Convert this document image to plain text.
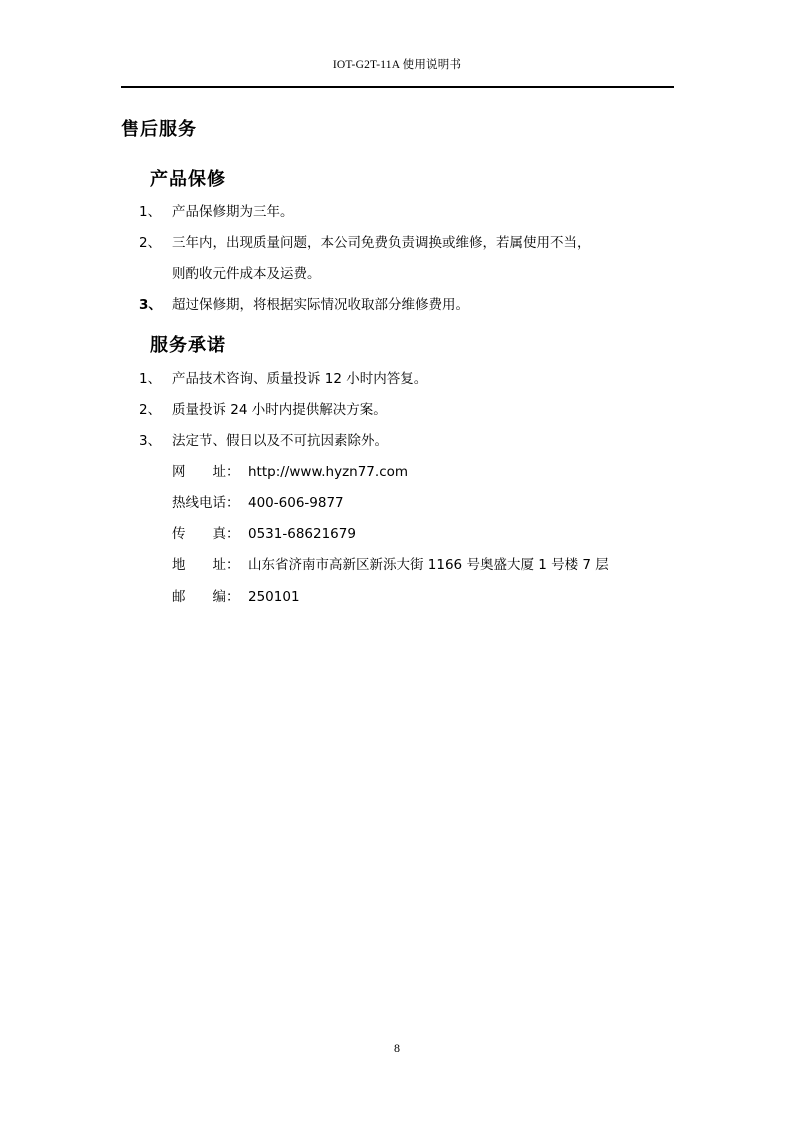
IOT-G2T-11A 使用说明书
售后服务
产品保修
1、 产品保修期为三年。
2、 三年内，出现质量问题，本公司免费负责调换或维修，若属使用不当，
则酌收元件成本及运费。
3、 超过保修期，将根据实际情况收取部分维修费用。
服务承诺
1、 产品技术咨询、质量投诉 12 小时内答复。
2、 质量投诉 24 小时内提供解决方案。
3、 法定节、假日以及不可抗因素除外。
网　　址： http://www.hyzn77.com
热线电话： 400-606-9877
传　　真： 0531-68621679
地　　址： 山东省济南市高新区新泺大街 1166 号奥盛大厦 1 号楼 7 层
邮　　编： 250101
8
